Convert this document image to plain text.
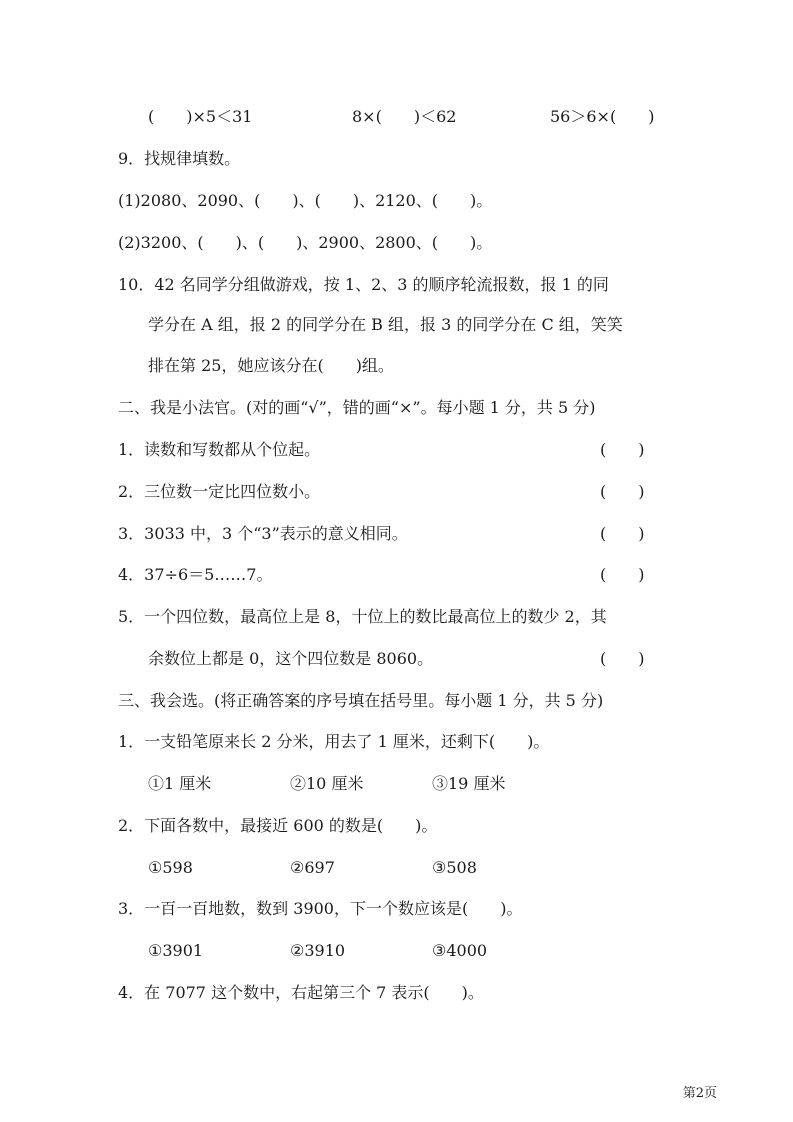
(　　)×5＜31	8×(　　)＜62	56＞6×(　　)
9．找规律填数。
(1)2080、2090、(　　)、(　　)、2120、(　　)。
(2)3200、(　　)、(　　)、2900、2800、(　　)。
10．42 名同学分组做游戏，按 1、2、3 的顺序轮流报数，报 1 的同
学分在 A 组，报 2 的同学分在 B 组，报 3 的同学分在 C 组，笑笑
排在第 25，她应该分在(　　)组。
二、我是小法官。(对的画“√”，错的画“×”。每小题 1 分，共 5 分)
1．读数和写数都从个位起。	(　　)
2．三位数一定比四位数小。	(　　)
3．3033 中，3 个“3”表示的意义相同。	(　　)
4．37÷6＝5……7。	(　　)
5．一个四位数，最高位上是 8，十位上的数比最高位上的数少 2，其
余数位上都是 0，这个四位数是 8060。	(　　)
三、我会选。(将正确答案的序号填在括号里。每小题 1 分，共 5 分)
1．一支铅笔原来长 2 分米，用去了 1 厘米，还剩下(　　)。
①1 厘米	②10 厘米	③19 厘米
2．下面各数中，最接近 600 的数是(　　)。
①598	②697	③508
3．一百一百地数，数到 3900，下一个数应该是(　　)。
①3901	②3910	③4000
4．在 7077 这个数中，右起第三个 7 表示(　　)。
第2页
